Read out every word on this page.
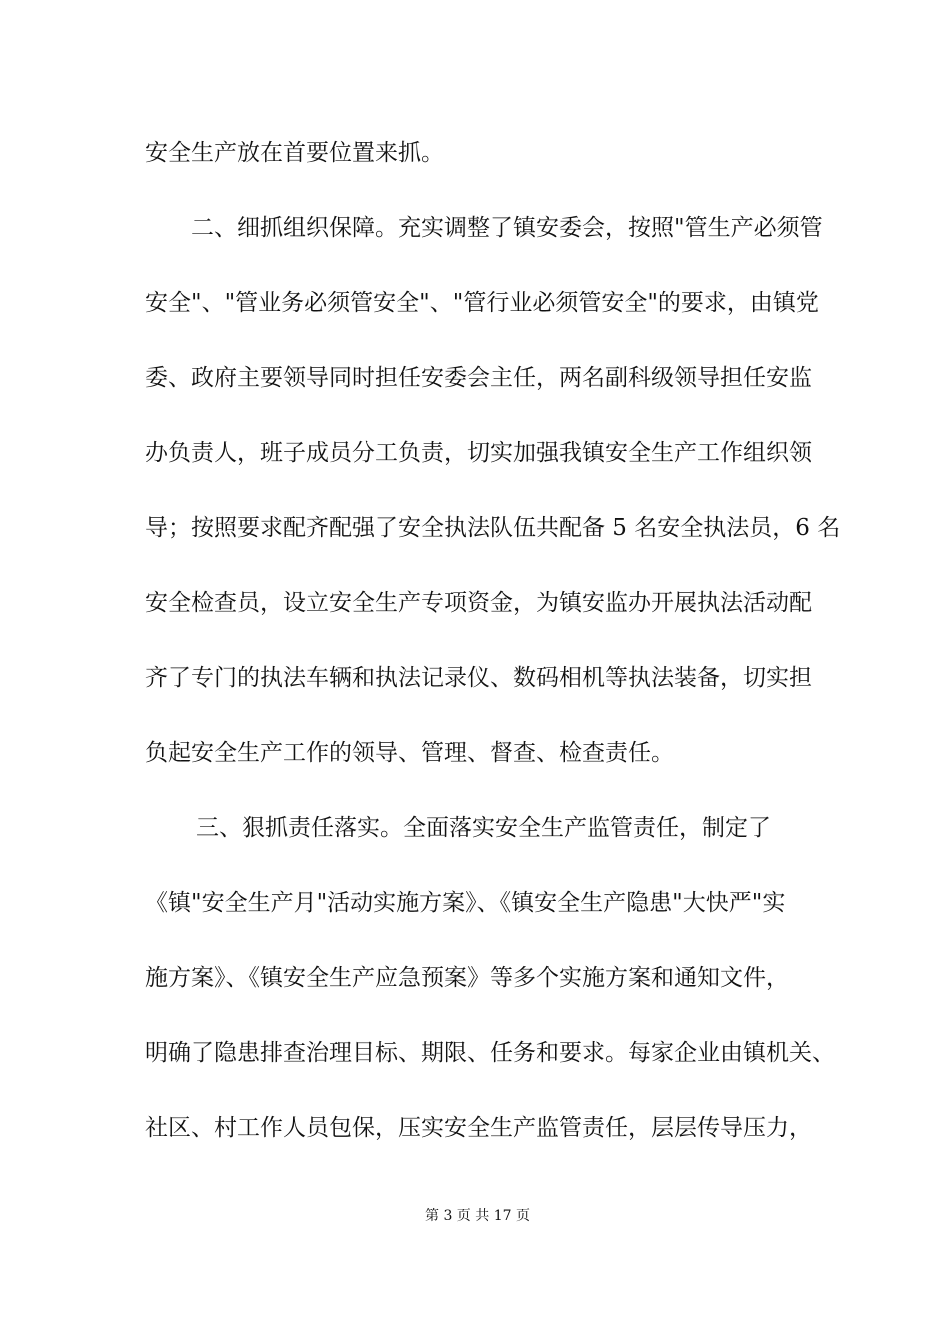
安全生产放在首要位置来抓。
二、细抓组织保障。充实调整了镇安委会，按照"管生产必须管
安全"、"管业务必须管安全"、"管行业必须管安全"的要求，由镇党
委、政府主要领导同时担任安委会主任，两名副科级领导担任安监
办负责人，班子成员分工负责，切实加强我镇安全生产工作组织领
导；按照要求配齐配强了安全执法队伍共配备 5 名安全执法员，6 名
安全检查员，设立安全生产专项资金，为镇安监办开展执法活动配
齐了专门的执法车辆和执法记录仪、数码相机等执法装备，切实担
负起安全生产工作的领导、管理、督查、检查责任。
三、狠抓责任落实。全面落实安全生产监管责任，制定了
《镇"安全生产月"活动实施方案》、《镇安全生产隐患"大快严"实
施方案》、《镇安全生产应急预案》等多个实施方案和通知文件，
明确了隐患排查治理目标、期限、任务和要求。每家企业由镇机关、
社区、村工作人员包保，压实安全生产监管责任，层层传导压力，
第 3 页 共 17 页
